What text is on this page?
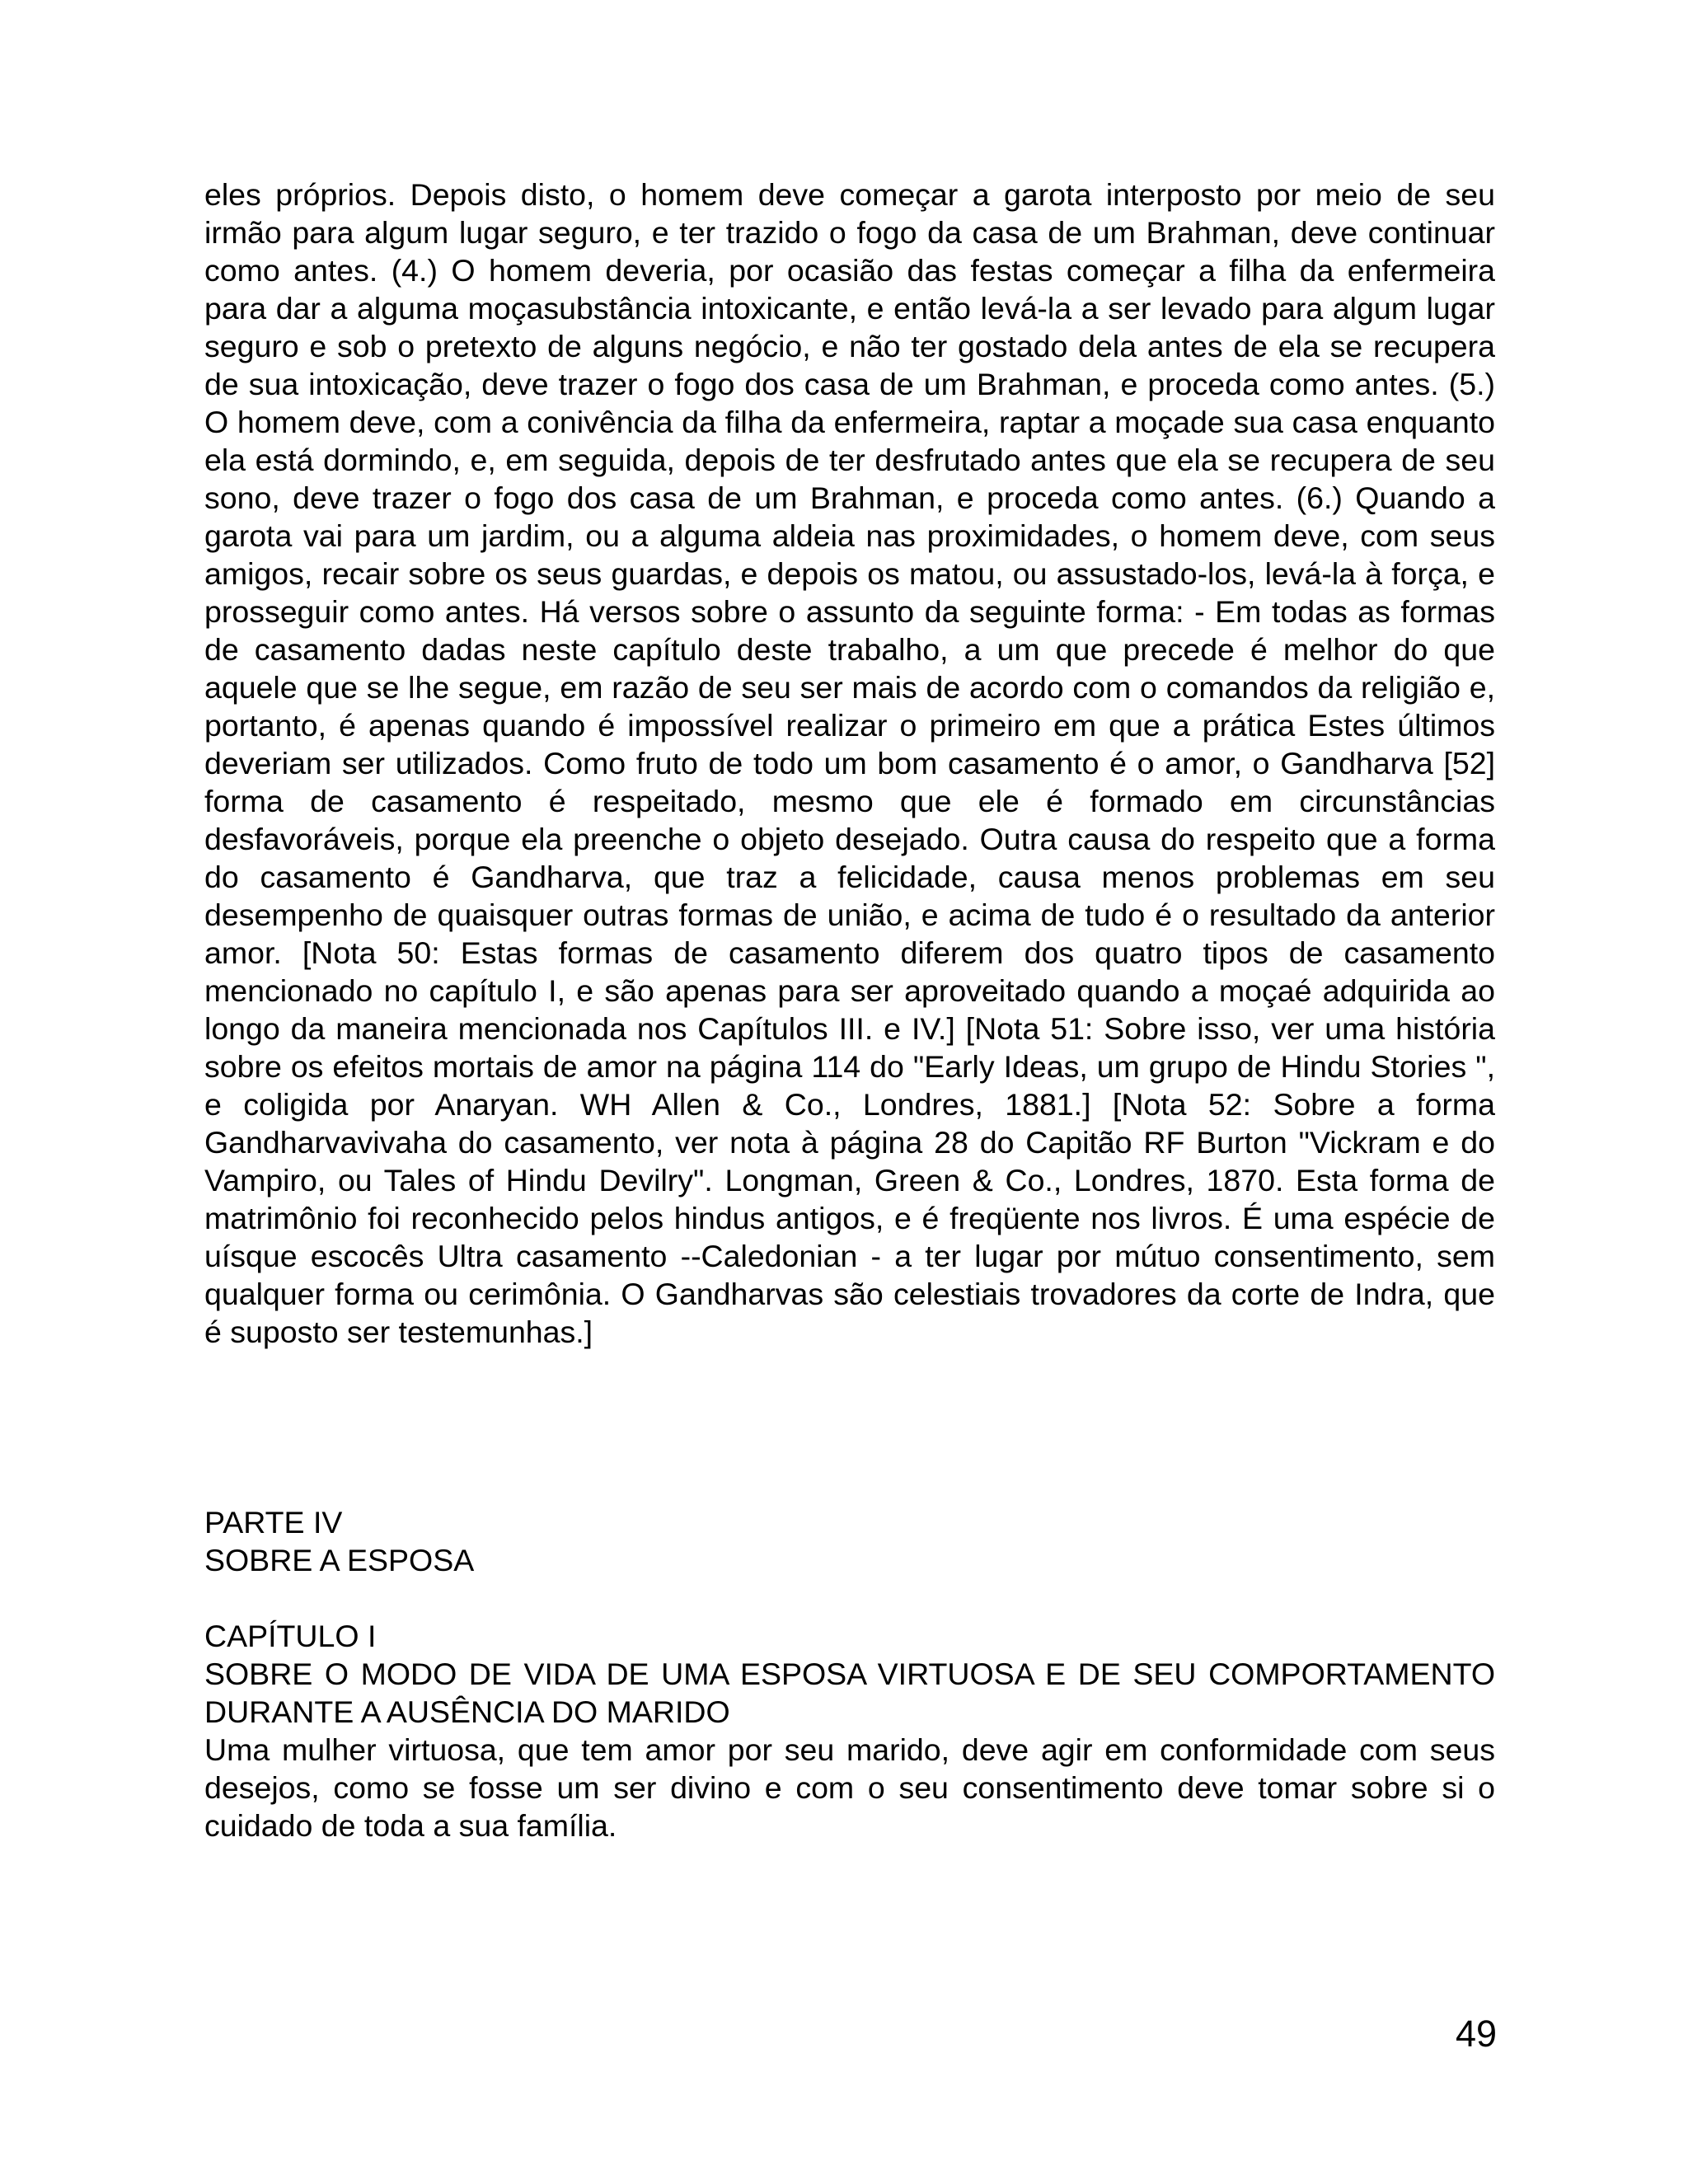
eles próprios. Depois disto, o homem deve começar a garota interposto por meio de seu irmão para algum lugar seguro, e ter trazido o fogo da casa de um Brahman, deve continuar como antes. (4.) O homem deveria, por ocasião das festas começar a filha da enfermeira para dar a alguma moçasubstância intoxicante, e então levá-la a ser levado para algum lugar seguro e sob o pretexto de alguns negócio, e não ter gostado dela antes de ela se recupera de sua intoxicação, deve trazer o fogo dos casa de um Brahman, e proceda como antes. (5.) O homem deve, com a conivência da filha da enfermeira, raptar a moçade sua casa enquanto ela está dormindo, e, em seguida, depois de ter desfrutado antes que ela se recupera de seu sono, deve trazer o fogo dos casa de um Brahman, e proceda como antes. (6.) Quando a garota vai para um jardim, ou a alguma aldeia nas proximidades, o homem deve, com seus amigos, recair sobre os seus guardas, e depois os matou, ou assustado-los, levá-la à força, e prosseguir como antes. Há versos sobre o assunto da seguinte forma: - Em todas as formas de casamento dadas neste capítulo deste trabalho, a um que precede é melhor do que aquele que se lhe segue, em razão de seu ser mais de acordo com o comandos da religião e, portanto, é apenas quando é impossível realizar o primeiro em que a prática Estes últimos deveriam ser utilizados. Como fruto de todo um bom casamento é o amor, o Gandharva [52] forma de casamento é respeitado, mesmo que ele é formado em circunstâncias desfavoráveis, porque ela preenche o objeto desejado. Outra causa do respeito que a forma do casamento é Gandharva, que traz a felicidade, causa menos problemas em seu desempenho de quaisquer outras formas de união, e acima de tudo é o resultado da anterior amor. [Nota 50: Estas formas de casamento diferem dos quatro tipos de casamento mencionado no capítulo I, e são apenas para ser aproveitado quando a moçaé adquirida ao longo da maneira mencionada nos Capítulos III. e IV.] [Nota 51: Sobre isso, ver uma história sobre os efeitos mortais de amor na página 114 do "Early Ideas, um grupo de Hindu Stories ", e coligida por Anaryan. WH Allen & Co., Londres, 1881.] [Nota 52: Sobre a forma Gandharvavivaha do casamento, ver nota à página 28 do Capitão RF Burton "Vickram e do Vampiro, ou Tales of Hindu Devilry". Longman, Green & Co., Londres, 1870. Esta forma de matrimônio foi reconhecido pelos hindus antigos, e é freqüente nos livros. É uma espécie de uísque escocês Ultra casamento --Caledonian - a ter lugar por mútuo consentimento, sem qualquer forma ou cerimônia. O Gandharvas são celestiais trovadores da corte de Indra, que é suposto ser testemunhas.]

PARTE IV

SOBRE A ESPOSA

CAPÍTULO I

SOBRE O MODO DE VIDA DE UMA ESPOSA VIRTUOSA E DE SEU COMPORTAMENTO DURANTE A AUSÊNCIA DO MARIDO

Uma mulher virtuosa, que tem amor por seu marido, deve agir em conformidade com seus desejos, como se fosse um ser divino e com o seu consentimento deve tomar sobre si o cuidado de toda a sua família.

49
